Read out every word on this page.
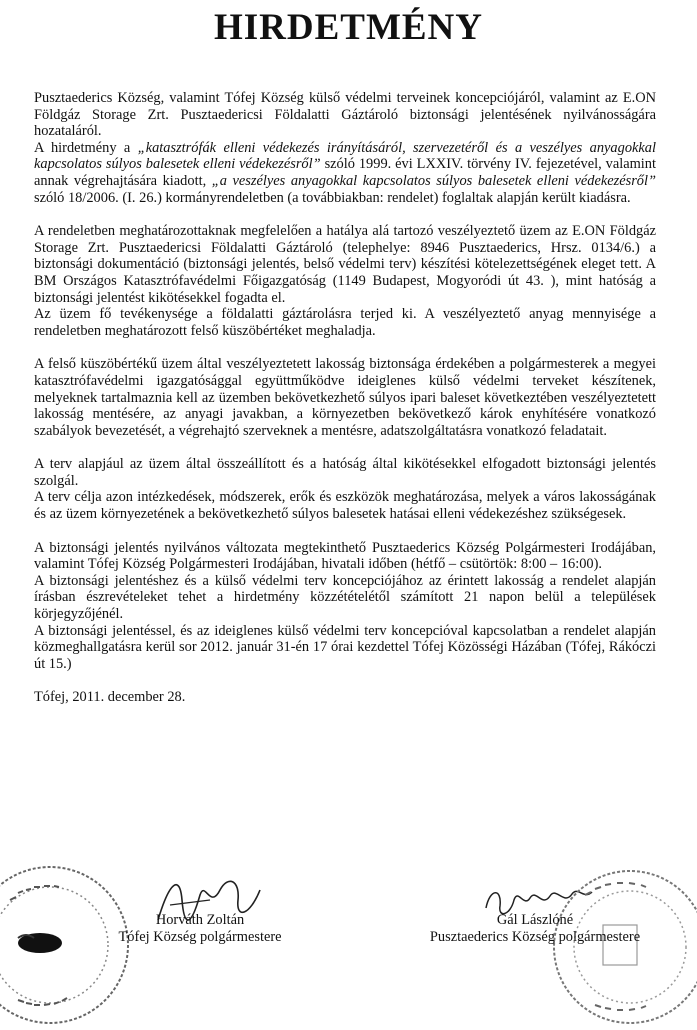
HIRDETMÉNY

Pusztaederics Község, valamint Tófej Község külső védelmi terveinek koncepciójáról, valamint az E.ON Földgáz Storage Zrt. Pusztaedericsi Földalatti Gáztároló biztonsági jelentésének nyilvánosságára hozataláról.

A hirdetmény a „katasztrófák elleni védekezés irányításáról, szervezetéről és a veszélyes anyagokkal kapcsolatos súlyos balesetek elleni védekezésről” szóló 1999. évi LXXIV. törvény IV. fejezetével, valamint annak végrehajtására kiadott, „a veszélyes anyagokkal kapcsolatos súlyos balesetek elleni védekezésről” szóló 18/2006. (I. 26.) kormányrendeletben (a továbbiakban: rendelet) foglaltak alapján került kiadásra.

A rendeletben meghatározottaknak megfelelően a hatálya alá tartozó veszélyeztető üzem az E.ON Földgáz Storage Zrt. Pusztaedericsi Földalatti Gáztároló (telephelye: 8946 Pusztaederics, Hrsz. 0134/6.) a biztonsági dokumentáció (biztonsági jelentés, belső védelmi terv) készítési kötelezettségének eleget tett. A BM Országos Katasztrófavédelmi Főigazgatóság (1149 Budapest, Mogyoródi út 43. ), mint hatóság a biztonsági jelentést kikötésekkel fogadta el.

Az üzem fő tevékenysége a földalatti gáztárolásra terjed ki. A veszélyeztető anyag mennyisége a rendeletben meghatározott felső küszöbértéket meghaladja.

A felső küszöbértékű üzem által veszélyeztetett lakosság biztonsága érdekében a polgármesterek a megyei katasztrófavédelmi igazgatósággal együttműködve ideiglenes külső védelmi terveket készítenek, melyeknek tartalmaznia kell az üzemben bekövetkezhető súlyos ipari baleset következtében veszélyeztetett lakosság mentésére, az anyagi javakban, a környezetben bekövetkező károk enyhítésére vonatkozó szabályok bevezetését, a végrehajtó szerveknek a mentésre, adatszolgáltatásra vonatkozó feladatait.

A terv alapjául az üzem által összeállított és a hatóság által kikötésekkel elfogadott biztonsági jelentés szolgál.

A terv célja azon intézkedések, módszerek, erők és eszközök meghatározása, melyek a város lakosságának és az üzem környezetének a bekövetkezhető súlyos balesetek hatásai elleni védekezéshez szükségesek.

A biztonsági jelentés nyilvános változata megtekinthető Pusztaederics Község Polgármesteri Irodájában, valamint Tófej Község Polgármesteri Irodájában, hivatali időben (hétfő – csütörtök: 8:00 – 16:00).

A biztonsági jelentéshez és a külső védelmi terv koncepciójához az érintett lakosság a rendelet alapján írásban észrevételeket tehet a hirdetmény közzétételétől számított 21 napon belül a települések körjegyzőjénél.

A biztonsági jelentéssel, és az ideiglenes külső védelmi terv koncepcióval kapcsolatban a rendelet alapján közmeghallgatásra kerül sor 2012. január 31-én 17 órai kezdettel Tófej Közösségi Házában (Tófej, Rákóczi út 15.)

Tófej, 2011. december 28.

Horváth Zoltán
Tófej Község polgármestere
Gál Lászlóné
Pusztaederics Község polgármestere
